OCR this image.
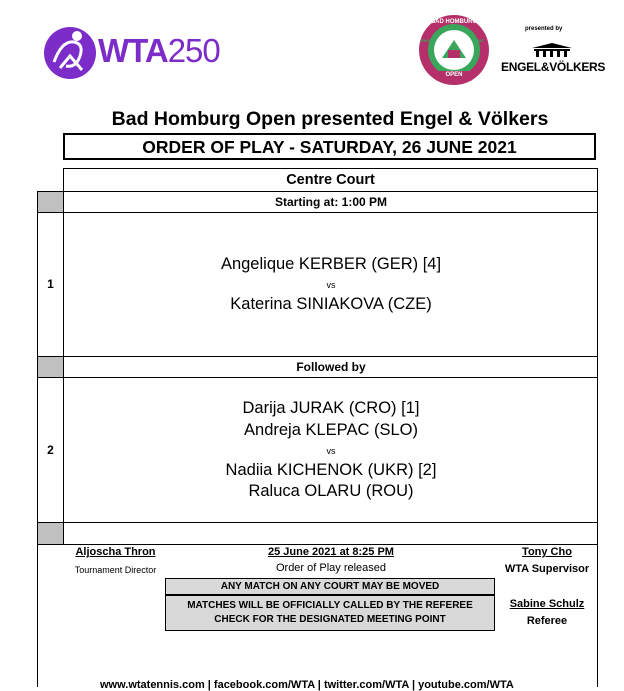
WTA250
BAD HOMBURG
SINCE	1987
OPEN
presented by
ENGEL&VÖLKERS
Bad Homburg Open presented Engel & Völkers
ORDER OF PLAY - SATURDAY, 26 JUNE 2021
Centre Court
Starting at: 1:00 PM
1
Angelique KERBER (GER) [4]
vs
Katerina SINIAKOVA (CZE)
Followed by
2
Darija JURAK (CRO) [1]
Andreja KLEPAC (SLO)
vs
Nadiia KICHENOK (UKR) [2]
Raluca OLARU (ROU)
Aljoscha Thron
Tournament Director
25 June 2021 at 8:25 PM
Order of Play released
Tony Cho
WTA Supervisor
Sabine Schulz
Referee
ANY MATCH ON ANY COURT MAY BE MOVED
MATCHES WILL BE OFFICIALLY CALLED BY THE REFEREE
CHECK FOR THE DESIGNATED MEETING POINT
www.wtatennis.com | facebook.com/WTA | twitter.com/WTA | youtube.com/WTA
